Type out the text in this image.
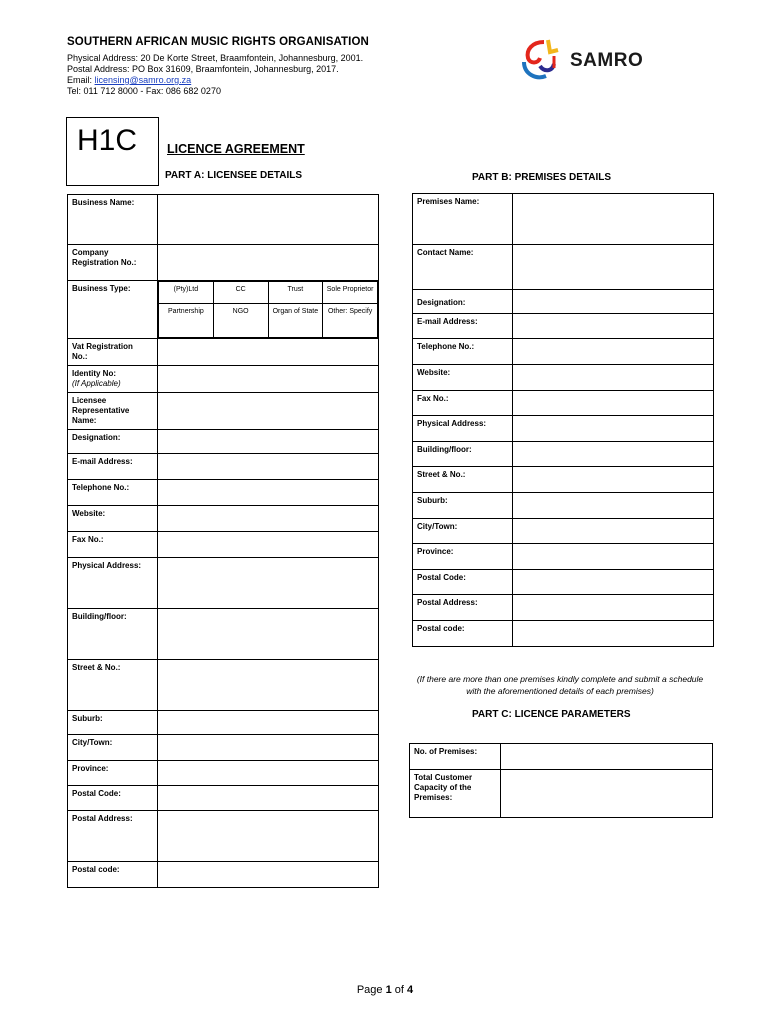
SOUTHERN AFRICAN MUSIC RIGHTS ORGANISATION
Physical Address: 20 De Korte Street, Braamfontein, Johannesburg, 2001.
Postal Address: PO Box 31609, Braamfontein, Johannesburg, 2017.
Email: licensing@samro.org.za
Tel: 011 712 8000 - Fax: 086 682 0270
SAMRO
H1C LICENCE AGREEMENT
PART A: LICENSEE DETAILS	PART B: PREMISES DETAILS
Business Name:	
Company
Registration No.:	
Business Type:		(Pty)Ltd	CC	Trust	Sole Proprietor
Partnership	NGO	Organ of State	Other: Specify

Vat Registration
No.:	
Identity No:
(If Applicable)	
Licensee
Representative
Name:	
Designation:	
E-mail Address:	
Telephone No.:	
Website:	
Fax No.:	
Physical Address:	
Building/floor:	
Street & No.:	
Suburb:	
City/Town:	
Province:	
Postal Code:	
Postal Address:	
Postal code:	
Premises Name:	
Contact Name:	
Designation:	
E-mail Address:	
Telephone No.:	
Website:	
Fax No.:	
Physical Address:	
Building/floor:	
Street & No.:	
Suburb:	
City/Town:	
Province:	
Postal Code:	
Postal Address:	
Postal code:	
(If there are more than one premises kindly complete and submit a schedule with the aforementioned details of each premises)
PART C: LICENCE PARAMETERS
No. of Premises:	
Total Customer
Capacity of the
Premises:	
Page 1 of 4
